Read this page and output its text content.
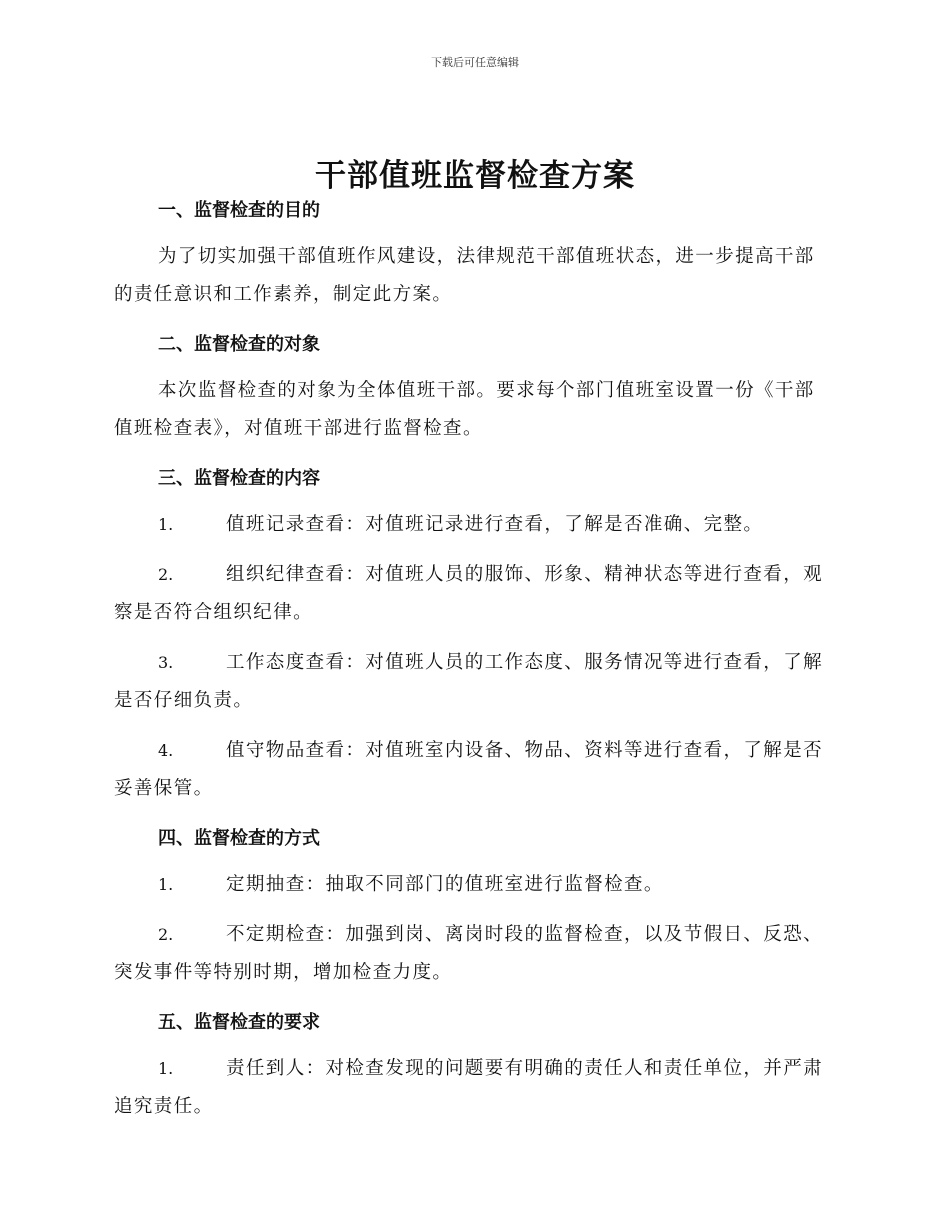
下载后可任意编辑
干部值班监督检查方案
一、监督检查的目的

为了切实加强干部值班作风建设，法律规范干部值班状态，进一步提高干部的责任意识和工作素养，制定此方案。

二、监督检查的对象

本次监督检查的对象为全体值班干部。要求每个部门值班室设置一份《干部值班检查表》，对值班干部进行监督检查。

三、监督检查的内容

1.	值班记录查看：对值班记录进行查看，了解是否准确、完整。

2.	组织纪律查看：对值班人员的服饰、形象、精神状态等进行查看，观察是否符合组织纪律。

3.	工作态度查看：对值班人员的工作态度、服务情况等进行查看，了解是否仔细负责。

4.	值守物品查看：对值班室内设备、物品、资料等进行查看，了解是否妥善保管。

四、监督检查的方式

1.	定期抽查：抽取不同部门的值班室进行监督检查。

2.	不定期检查：加强到岗、离岗时段的监督检查，以及节假日、反恐、突发事件等特别时期，增加检查力度。

五、监督检查的要求

1.	责任到人：对检查发现的问题要有明确的责任人和责任单位，并严肃追究责任。
